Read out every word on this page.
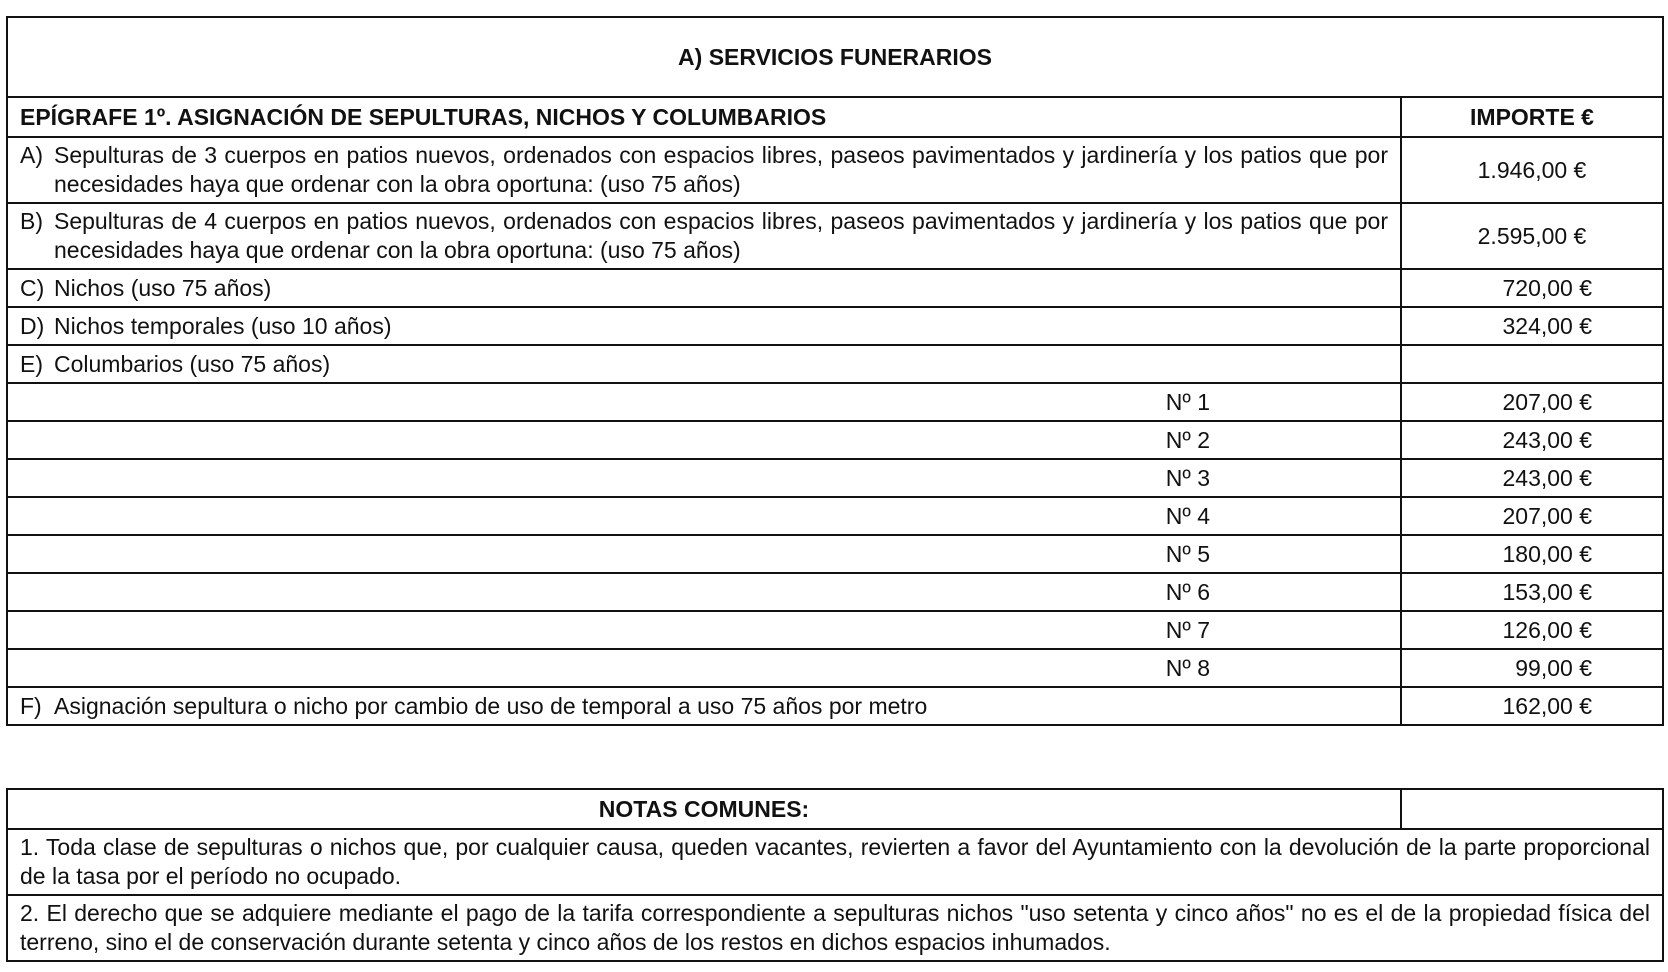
A) SERVICIOS FUNERARIOS	
EPÍGRAFE 1º. ASIGNACIÓN DE SEPULTURAS, NICHOS Y COLUMBARIOS	IMPORTE €

A) Sepulturas de 3 cuerpos en patios nuevos, ordenados con espacios libres, paseos pavimentados y jardinería y los patios que por necesidades haya que ordenar con la obra oportuna: (uso 75 años)	1.946,00 €

B) Sepulturas de 4 cuerpos en patios nuevos, ordenados con espacios libres, paseos pavimentados y jardinería y los patios que por necesidades haya que ordenar con la obra oportuna: (uso 75 años)	2.595,00 €

C) Nichos (uso 75 años)	720,00 €

D) Nichos temporales (uso 10 años)	324,00 €

E) Columbarios (uso 75 años)	

Nº 1	207,00 €
Nº 2	243,00 €
Nº 3	243,00 €
Nº 4	207,00 €
Nº 5	180,00 €
Nº 6	153,00 €
Nº 7	126,00 €
Nº 8	99,00 €

F) Asignación sepultura o nicho por cambio de uso de temporal a uso 75 años por metro	162,00 €
NOTAS COMUNES:	
1. Toda clase de sepulturas o nichos que, por cualquier causa, queden vacantes, revierten a favor del Ayuntamiento con la devolución de la parte proporcional de la tasa por el período no ocupado.
2. El derecho que se adquiere mediante el pago de la tarifa correspondiente a sepulturas nichos "uso setenta y cinco años" no es el de la propiedad física del terreno, sino el de conservación durante setenta y cinco años de los restos en dichos espacios inhumados.
